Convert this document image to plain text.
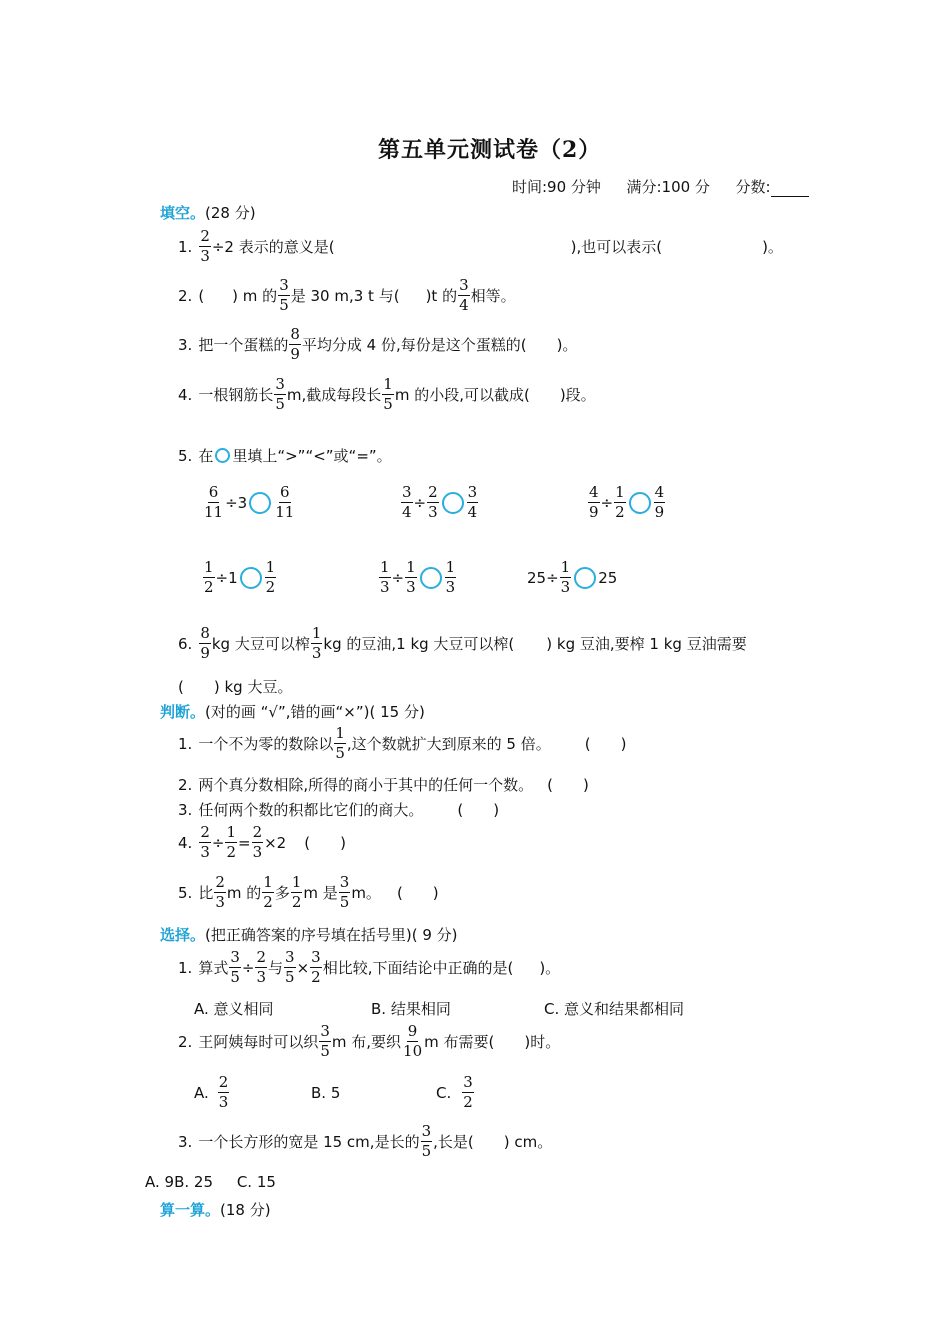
第五单元测试卷（2）
时间:90 分钟 满分:100 分 分数:
填空。(28 分)
1. $\frac{2}{3} \div 2$ 表示的意义是(	),也可以表示(	)。
2. ( ) m 的 $\frac{3}{5}$ 是 30 m,3 t 与( )t 的 $\frac{3}{4}$ 相等。
3. 把一个蛋糕的 $\frac{8}{9}$ 平均分成 4 份,每份是这个蛋糕的( )。
4. 一根钢筋长 $\frac{3}{5} m$,截成每段长 $\frac{1}{5}$ m 的小段,可以截成( )段。
5. 在 里填上“>”“<”或“=”。
$\frac{6}{11} \div 3 \frac{6}{11}$	$\frac{3}{4} \div \frac{2}{3} \frac{3}{4}$	$\frac{4}{9} \div \frac{1}{2} \frac{4}{9}$
$\frac{1}{2} \div 1 \frac{1}{2}$	$\frac{1}{3} \div \frac{1}{3} \frac{1}{3}$	$25\div \frac{1}{3} 25$
6. $\frac{8}{9}$ kg 大豆可以榨 $\frac{1}{3}$ kg 的豆油,1 kg 大豆可以榨( ) kg 豆油,要榨 1 kg 豆油需要
( ) kg 大豆。
判断。(对的画 “√”,错的画“×”)( 15 分)
1. 一个不为零的数除以 $\frac{1}{5}$ ,这个数就扩大到原来的 5 倍。 ( )
2. 两个真分数相除,所得的商小于其中的任何一个数。 ( )
3. 任何两个数的积都比它们的商大。 ( )
4. $\frac{2}{3} \div \frac{1}{2} = \frac{2}{3} \times 2$ ( )
5. 比 $\frac{2}{3}$ m 的 $\frac{1}{2}$ 多 $\frac{1}{2}$ m 是 $\frac{3}{5}$ m。 ( )
选择。(把正确答案的序号填在括号里)( 9 分)
1. 算式 $\frac{3}{5} \div \frac{2}{3}$ 与 $\frac{3}{5} \times \frac{3}{2}$ 相比较,下面结论中正确的是( )。
A. 意义相同	B. 结果相同	C. 意义和结果都相同
2. 王阿姨每时可以织 $\frac{3}{5}$ m 布,要织 $\frac{9}{10}$ m 布需要( )时。
A. $\frac{2}{3}$	B. 5	C. $\frac{3}{2}$
3. 一个长方形的宽是 15 cm,是长的 $\frac{3}{5}$ ,长是( ) cm。
A. 9B. 25     C. 15
算一算。(18 分)
